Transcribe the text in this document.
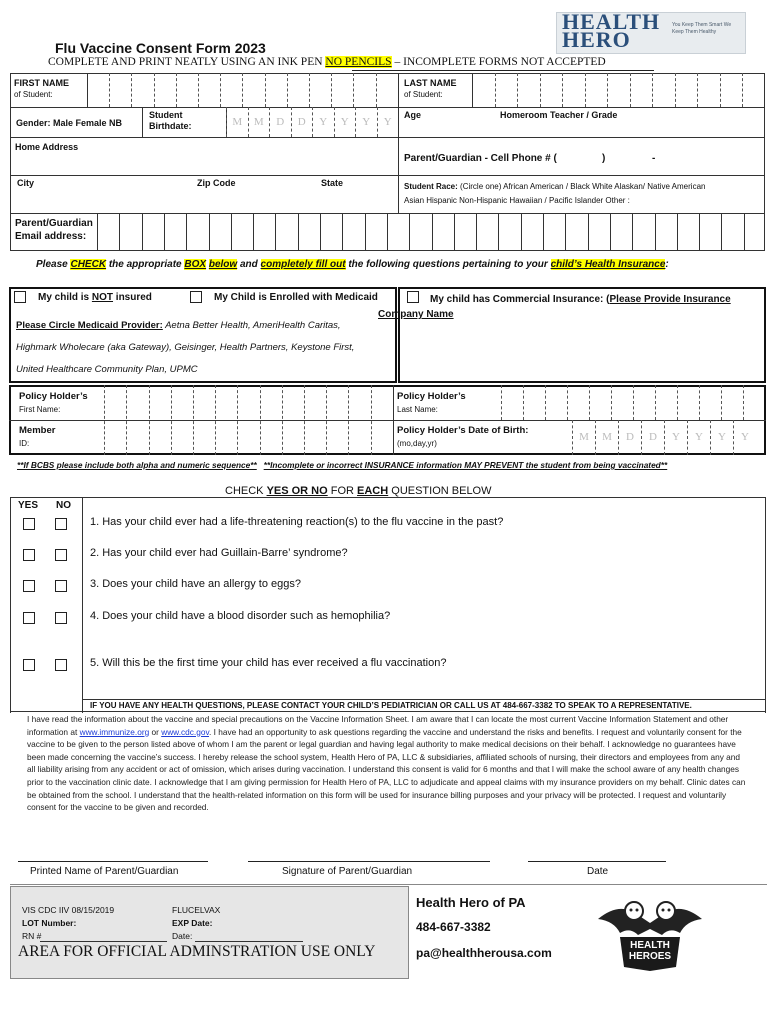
Flu Vaccine Consent Form 2023
COMPLETE AND PRINT NEATLY USING AN INK PEN NO PENCILS – INCOMPLETE FORMS NOT ACCEPTED
HEALTH
HERO
You Keep Them Smart We Keep Them Healthy
FIRST NAME
of Student:
LAST NAME
of Student:
Gender: Male Female NB
Student
Birthdate:	M	M	D	D	Y	Y	Y	Y
Age	Homeroom Teacher / Grade
Home Address
Parent/Guardian - Cell Phone # (	)	-
City	Zip Code	State	Student Race: (Circle one) African American / Black White Alaskan/ Native American
Asian Hispanic Non-Hispanic Hawaiian / Pacific Islander Other :
Parent/Guardian
Email address:
Please CHECK the appropriate BOX below and completely fill out the following questions pertaining to your child’s Health Insurance:
My child is NOT insured	My Child is Enrolled with Medicaid	My child has Commercial Insurance: (Please Provide Insurance
Company Name
Please Circle Medicaid Provider: Aetna Better Health, AmeriHealth Caritas,
Highmark Wholecare (aka Gateway), Geisinger, Health Partners, Keystone First,
United Healthcare Community Plan, UPMC
Policy Holder’s
First Name:
Policy Holder’s
Last Name:
Member
ID:
Policy Holder’s Date of Birth:
(mo,day,yr)
M	M	D	D	Y	Y	Y	Y
**If BCBS please include both alpha and numeric sequence** **Incomplete or incorrect INSURANCE information MAY PREVENT the student from being vaccinated**
CHECK YES OR NO FOR EACH QUESTION BELOW
YES NO
1. Has your child ever had a life-threatening reaction(s) to the flu vaccine in the past?
2. Has your child ever had Guillain-Barre’ syndrome?
3. Does your child have an allergy to eggs?
4. Does your child have a blood disorder such as hemophilia?
5. Will this be the first time your child has ever received a flu vaccination?
IF YOU HAVE ANY HEALTH QUESTIONS, PLEASE CONTACT YOUR CHILD’S PEDIATRICIAN OR CALL US AT 484-667-3382 TO SPEAK TO A REPRESENTATIVE.
I have read the information about the vaccine and special precautions on the Vaccine Information Sheet. I am aware that I can locate the most current Vaccine Information Statement and other information at www.immunize.org or www.cdc.gov. I have had an opportunity to ask questions regarding the vaccine and understand the risks and benefits. I request and voluntarily consent for the vaccine to be given to the person listed above of whom I am the parent or legal guardian and having legal authority to make medical decisions on their behalf. I acknowledge no guarantees have been made concerning the vaccine’s success. I hereby release the school system, Health Hero of PA, LLC & subsidiaries, affiliated schools of nursing, their directors and employees from any and all liability arising from any accident or act of omission, which arises during vaccination. I understand this consent is valid for 6 months and that I will make the school aware of any health changes prior to the vaccination clinic date. I acknowledge that I am giving permission for Health Hero of PA, LLC to adjudicate and appeal claims with my insurance providers on my behalf. Clinic dates can be obtained from the school. I understand that the health-related information on this form will be used for insurance billing purposes and your privacy will be protected. I request and voluntarily consent for the vaccine to be given and recorded.
Printed Name of Parent/Guardian	Signature of Parent/Guardian	Date
VIS CDC IIV 08/15/2019	FLUCELVAX
LOT Number:	EXP Date:
RN #	Date:
AREA FOR OFFICIAL ADMINSTRATION USE ONLY
Health Hero of PA
484-667-3382
pa@healthherousa.com
HEALTH
HEROES
